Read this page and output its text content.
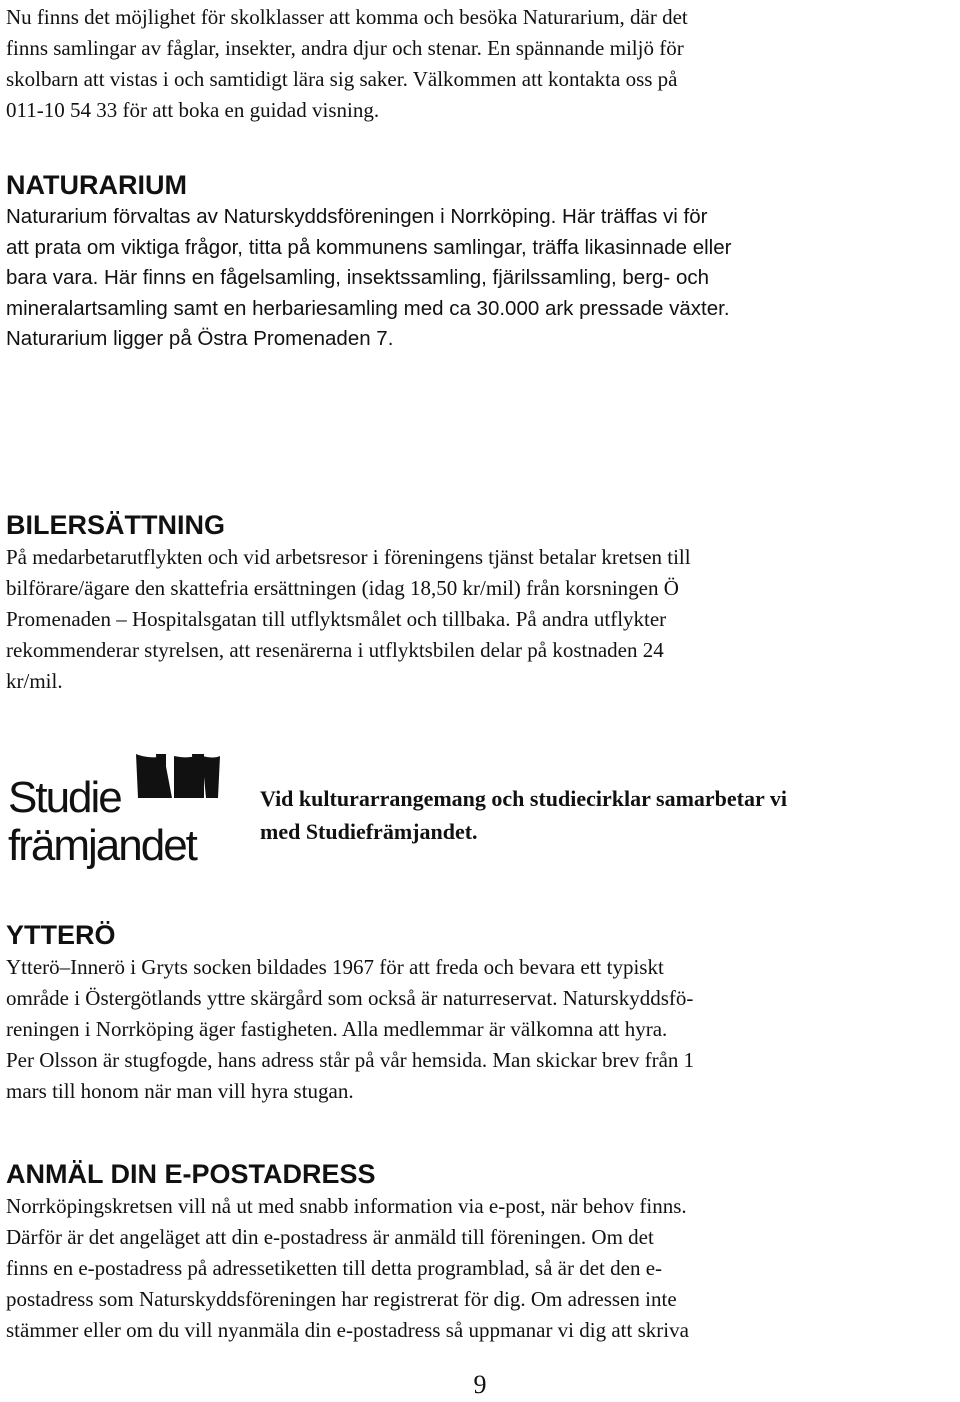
Nu finns det möjlighet för skolklasser att komma och besöka Naturarium, där det

finns samlingar av fåglar, insekter, andra djur och stenar. En spännande miljö för

skolbarn att vistas i och samtidigt lära sig saker. Välkommen att kontakta oss på

011-10 54 33 för att boka en guidad visning.

NATURARIUM

Naturarium förvaltas av Naturskyddsföreningen i Norrköping. Här träffas vi för

att prata om viktiga frågor, titta på kommunens samlingar, träffa likasinnade eller

bara vara. Här finns en fågelsamling, insektssamling, fjärilssamling, berg- och

mineralartsamling samt en herbariesamling med ca 30.000 ark pressade växter.

Naturarium ligger på Östra Promenaden 7.

BILERSÄTTNING

På medarbetarutflykten och vid arbetsresor i föreningens tjänst betalar kretsen till

bilförare/ägare den skattefria ersättningen (idag 18,50 kr/mil) från korsningen Ö

Promenaden – Hospitalsgatan till utflyktsmålet och tillbaka. På andra utflykter

rekommenderar styrelsen, att resenärerna i utflyktsbilen delar på kostnaden 24

kr/mil.

Studie
främjandet
Vid kulturarrangemang och studiecirklar samarbetar vi
med Studiefrämjandet.
YTTERÖ

Ytterö–Innerö i Gryts socken bildades 1967 för att freda och bevara ett typiskt

område i Östergötlands yttre skärgård som också är naturreservat. Naturskyddsfö-

reningen i Norrköping äger fastigheten. Alla medlemmar är välkomna att hyra.

Per Olsson är stugfogde, hans adress står på vår hemsida. Man skickar brev från 1

mars till honom när man vill hyra stugan.

ANMÄL DIN E-POSTADRESS

Norrköpingskretsen vill nå ut med snabb information via e-post, när behov finns.

Därför är det angeläget att din e-postadress är anmäld till föreningen. Om det

finns en e-postadress på adressetiketten till detta programblad, så är det den e-

postadress som Naturskyddsföreningen har registrerat för dig. Om adressen inte

stämmer eller om du vill nyanmäla din e-postadress så uppmanar vi dig att skriva

9
